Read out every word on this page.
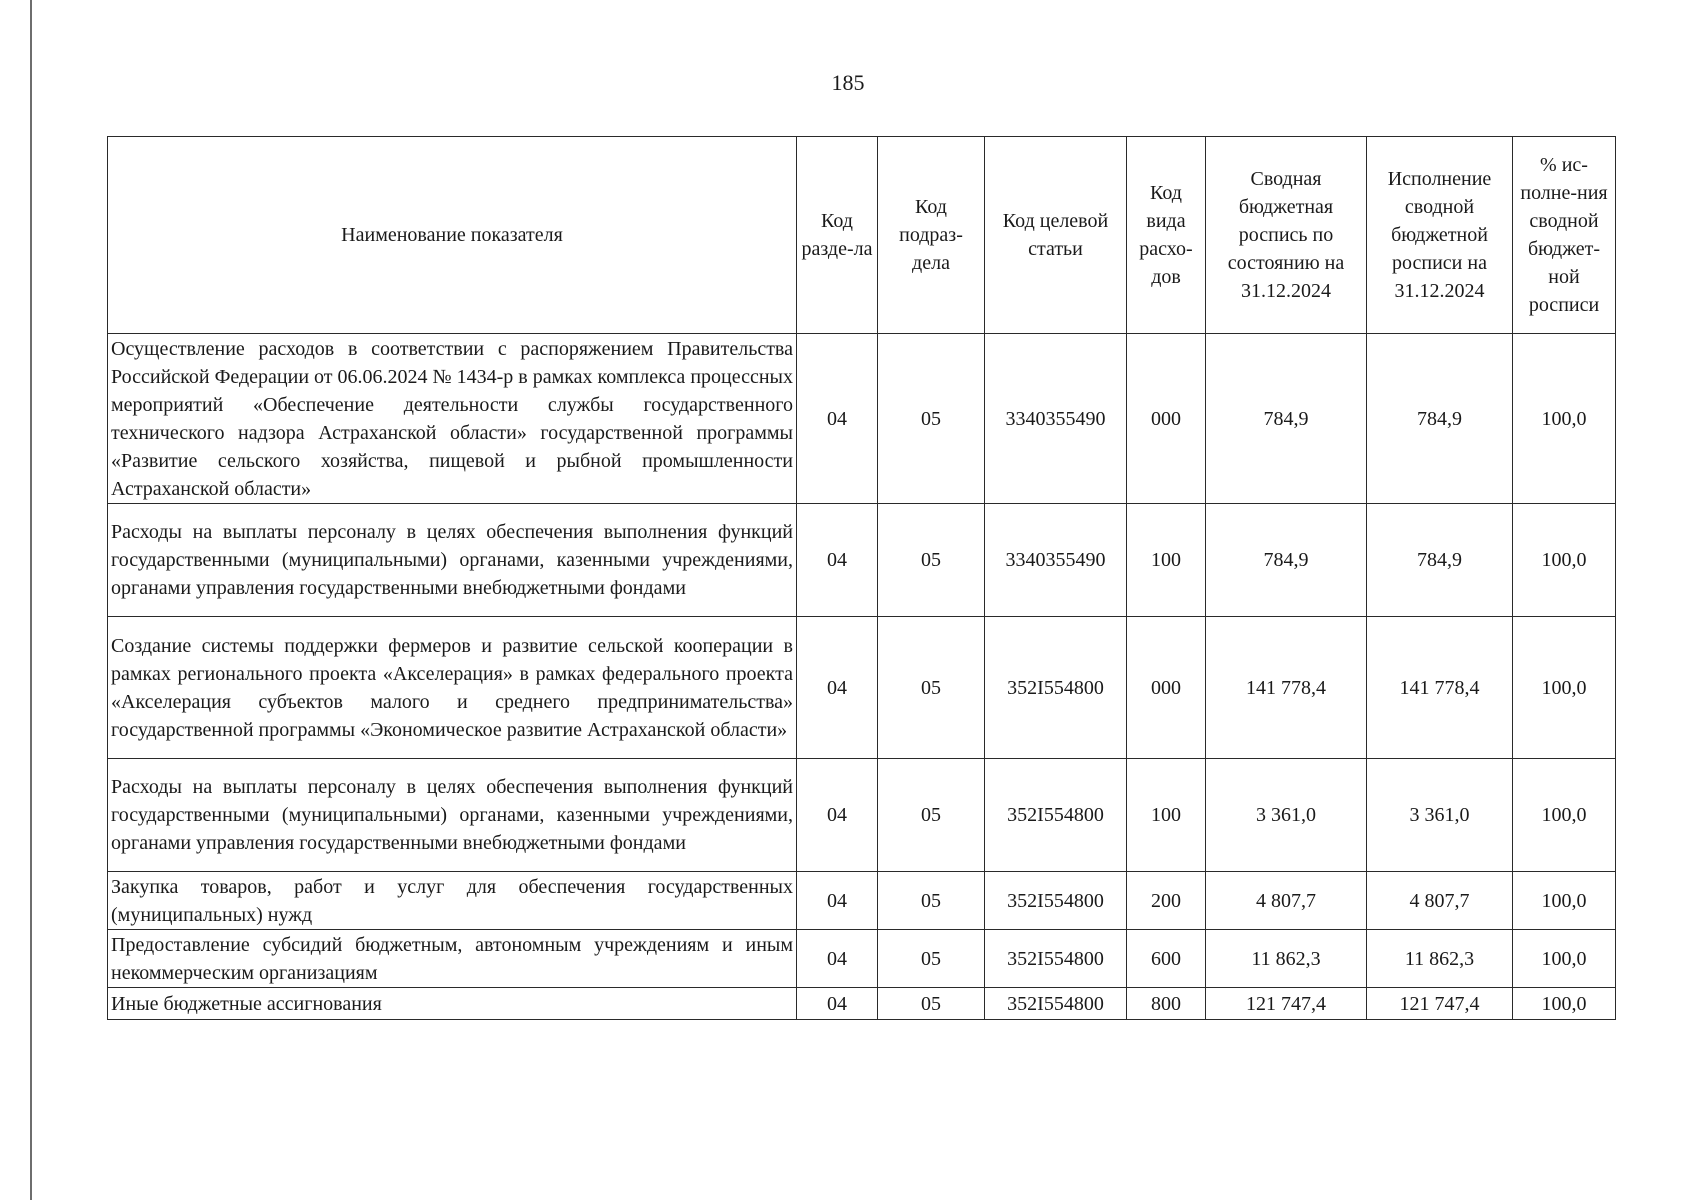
185
Наименование показателя	Код разде-ла	Код подраз-дела	Код целевой статьи	Код вида расхо-дов	Сводная бюджетная роспись по состоянию на 31.12.2024	Исполнение сводной бюджетной росписи на 31.12.2024	% ис-полне-ния сводной бюджет-ной росписи
Осуществление расходов в соответствии с распоряжением Правительства Российской Федерации от 06.06.2024 № 1434-р в рамках комплекса процессных мероприятий «Обеспечение деятельности службы государственного технического надзора Астраханской области» государственной программы «Развитие сельского хозяйства, пищевой и рыбной промышленности Астраханской области»	04	05	3340355490	000	784,9	784,9	100,0
Расходы на выплаты персоналу в целях обеспечения выполнения функций государственными (муниципальными) органами, казенными учреждениями, органами управления государственными внебюджетными фондами	04	05	3340355490	100	784,9	784,9	100,0
Создание системы поддержки фермеров и развитие сельской кооперации в рамках регионального проекта «Акселерация» в рамках федерального проекта «Акселерация субъектов малого и среднего предпринимательства» государственной программы «Экономическое развитие Астраханской области»	04	05	352I554800	000	141 778,4	141 778,4	100,0
Расходы на выплаты персоналу в целях обеспечения выполнения функций государственными (муниципальными) органами, казенными учреждениями, органами управления государственными внебюджетными фондами	04	05	352I554800	100	3 361,0	3 361,0	100,0
Закупка товаров, работ и услуг для обеспечения государственных (муниципальных) нужд	04	05	352I554800	200	4 807,7	4 807,7	100,0
Предоставление субсидий бюджетным, автономным учреждениям и иным некоммерческим организациям	04	05	352I554800	600	11 862,3	11 862,3	100,0
Иные бюджетные ассигнования	04	05	352I554800	800	121 747,4	121 747,4	100,0
